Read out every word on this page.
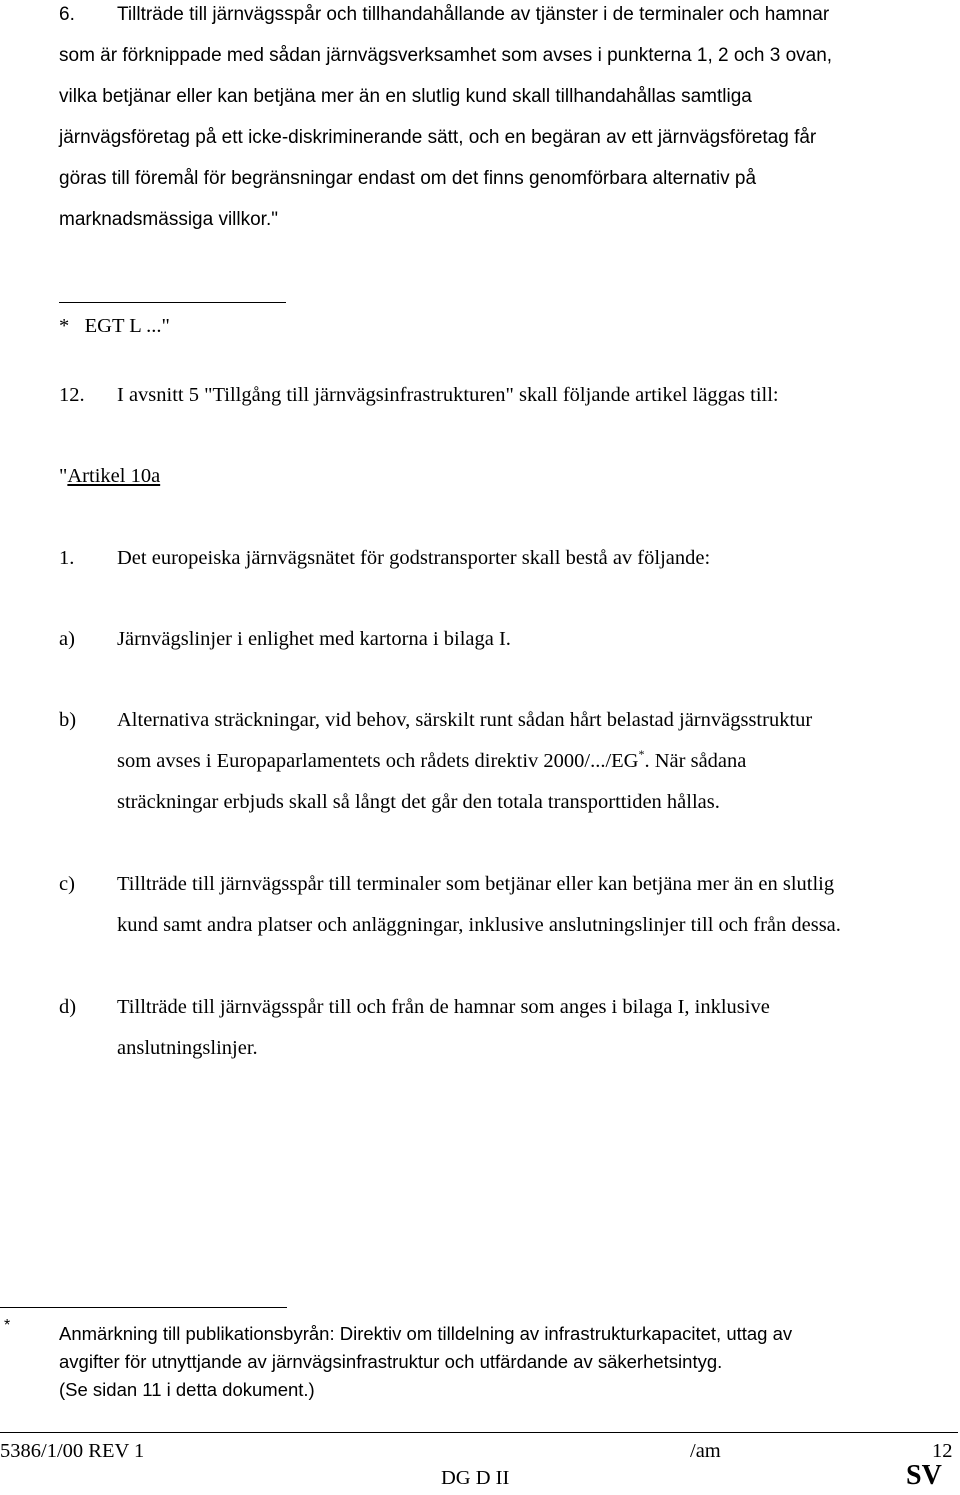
6. Tillträde till järnvägsspår och tillhandahållande av tjänster i de terminaler och hamnar
som är förknippade med sådan järnvägsverksamhet som avses i punkterna 1, 2 och 3 ovan,
vilka betjänar eller kan betjäna mer än en slutlig kund skall tillhandahållas samtliga
järnvägsföretag på ett icke-diskriminerande sätt, och en begäran av ett järnvägsföretag får
göras till föremål för begränsningar endast om det finns genomförbara alternativ på
marknadsmässiga villkor."
*   EGT L ..."
12. I avsnitt 5 "Tillgång till järnvägsinfrastrukturen" skall följande artikel läggas till:
"Artikel 10a
1. Det europeiska järnvägsnätet för godstransporter skall bestå av följande:
a) Järnvägslinjer i enlighet med kartorna i bilaga I.
b) Alternativa sträckningar, vid behov, särskilt runt sådan hårt belastad järnvägsstruktur
som avses i Europaparlamentets och rådets direktiv 2000/.../EG*. När sådana
sträckningar erbjuds skall så långt det går den totala transporttiden hållas.
c) Tillträde till järnvägsspår till terminaler som betjänar eller kan betjäna mer än en slutlig
kund samt andra platser och anläggningar, inklusive anslutningslinjer till och från dessa.
d) Tillträde till järnvägsspår till och från de hamnar som anges i bilaga I, inklusive
anslutningslinjer.
*	Anmärkning till publikationsbyrån: Direktiv om tilldelning av infrastrukturkapacitet, uttag av
avgifter för utnyttjande av järnvägsinfrastruktur och utfärdande av säkerhetsintyg.
(Se sidan 11 i detta dokument.)
5386/1/00 REV 1	/am	12
DG D II	SV
